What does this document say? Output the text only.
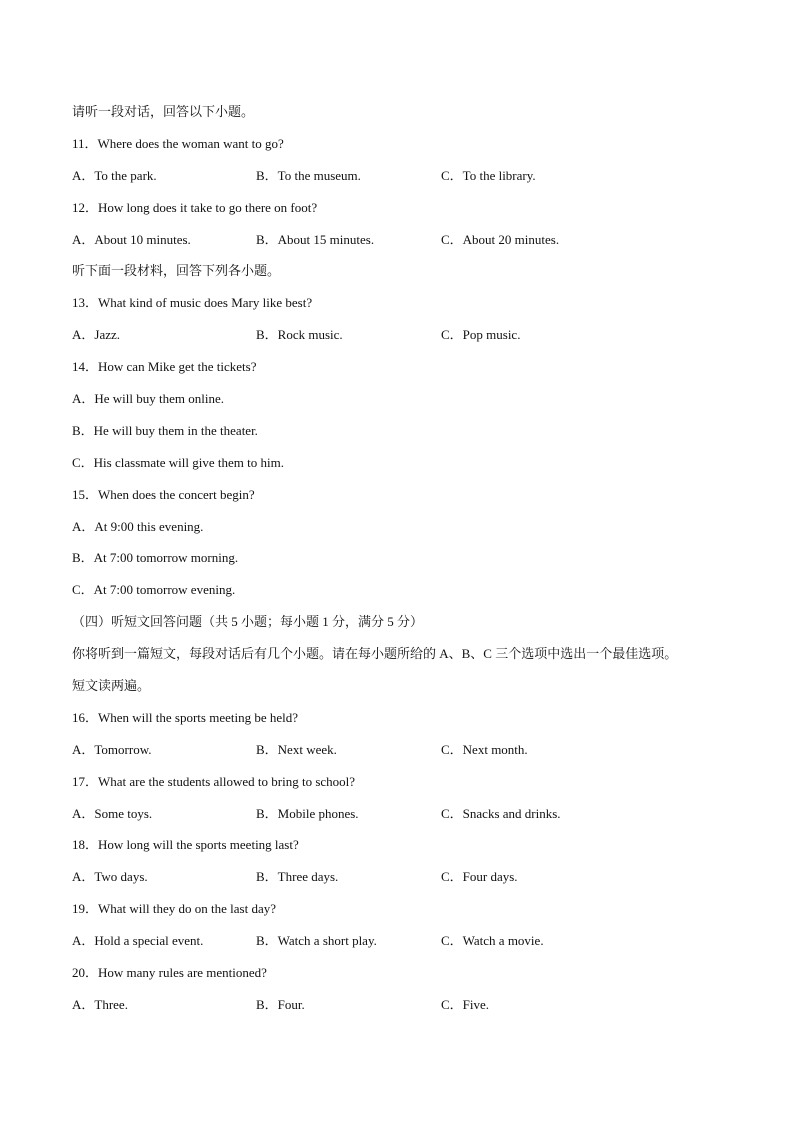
请听一段对话，回答以下小题。
11．Where does the woman want to go?
A．To the park.	B．To the museum.	C．To the library.
12．How long does it take to go there on foot?
A．About 10 minutes.	B．About 15 minutes.	C．About 20 minutes.
听下面一段材料，回答下列各小题。
13．What kind of music does Mary like best?
A．Jazz.	B．Rock music.	C．Pop music.
14．How can Mike get the tickets?
A．He will buy them online.
B．He will buy them in the theater.
C．His classmate will give them to him.
15．When does the concert begin?
A．At 9:00 this evening.
B．At 7:00 tomorrow morning.
C．At 7:00 tomorrow evening.
（四）听短文回答问题（共 5 小题；每小题 1 分，满分 5 分）
你将听到一篇短文，每段对话后有几个小题。请在每小题所给的 A、B、C 三个选项中选出一个最佳选项。
短文读两遍。
16．When will the sports meeting be held?
A．Tomorrow.	B．Next week.	C．Next month.
17．What are the students allowed to bring to school?
A．Some toys.	B．Mobile phones.	C．Snacks and drinks.
18．How long will the sports meeting last?
A．Two days.	B．Three days.	C．Four days.
19．What will they do on the last day?
A．Hold a special event.	B．Watch a short play.	C．Watch a movie.
20．How many rules are mentioned?
A．Three.	B．Four.	C．Five.
